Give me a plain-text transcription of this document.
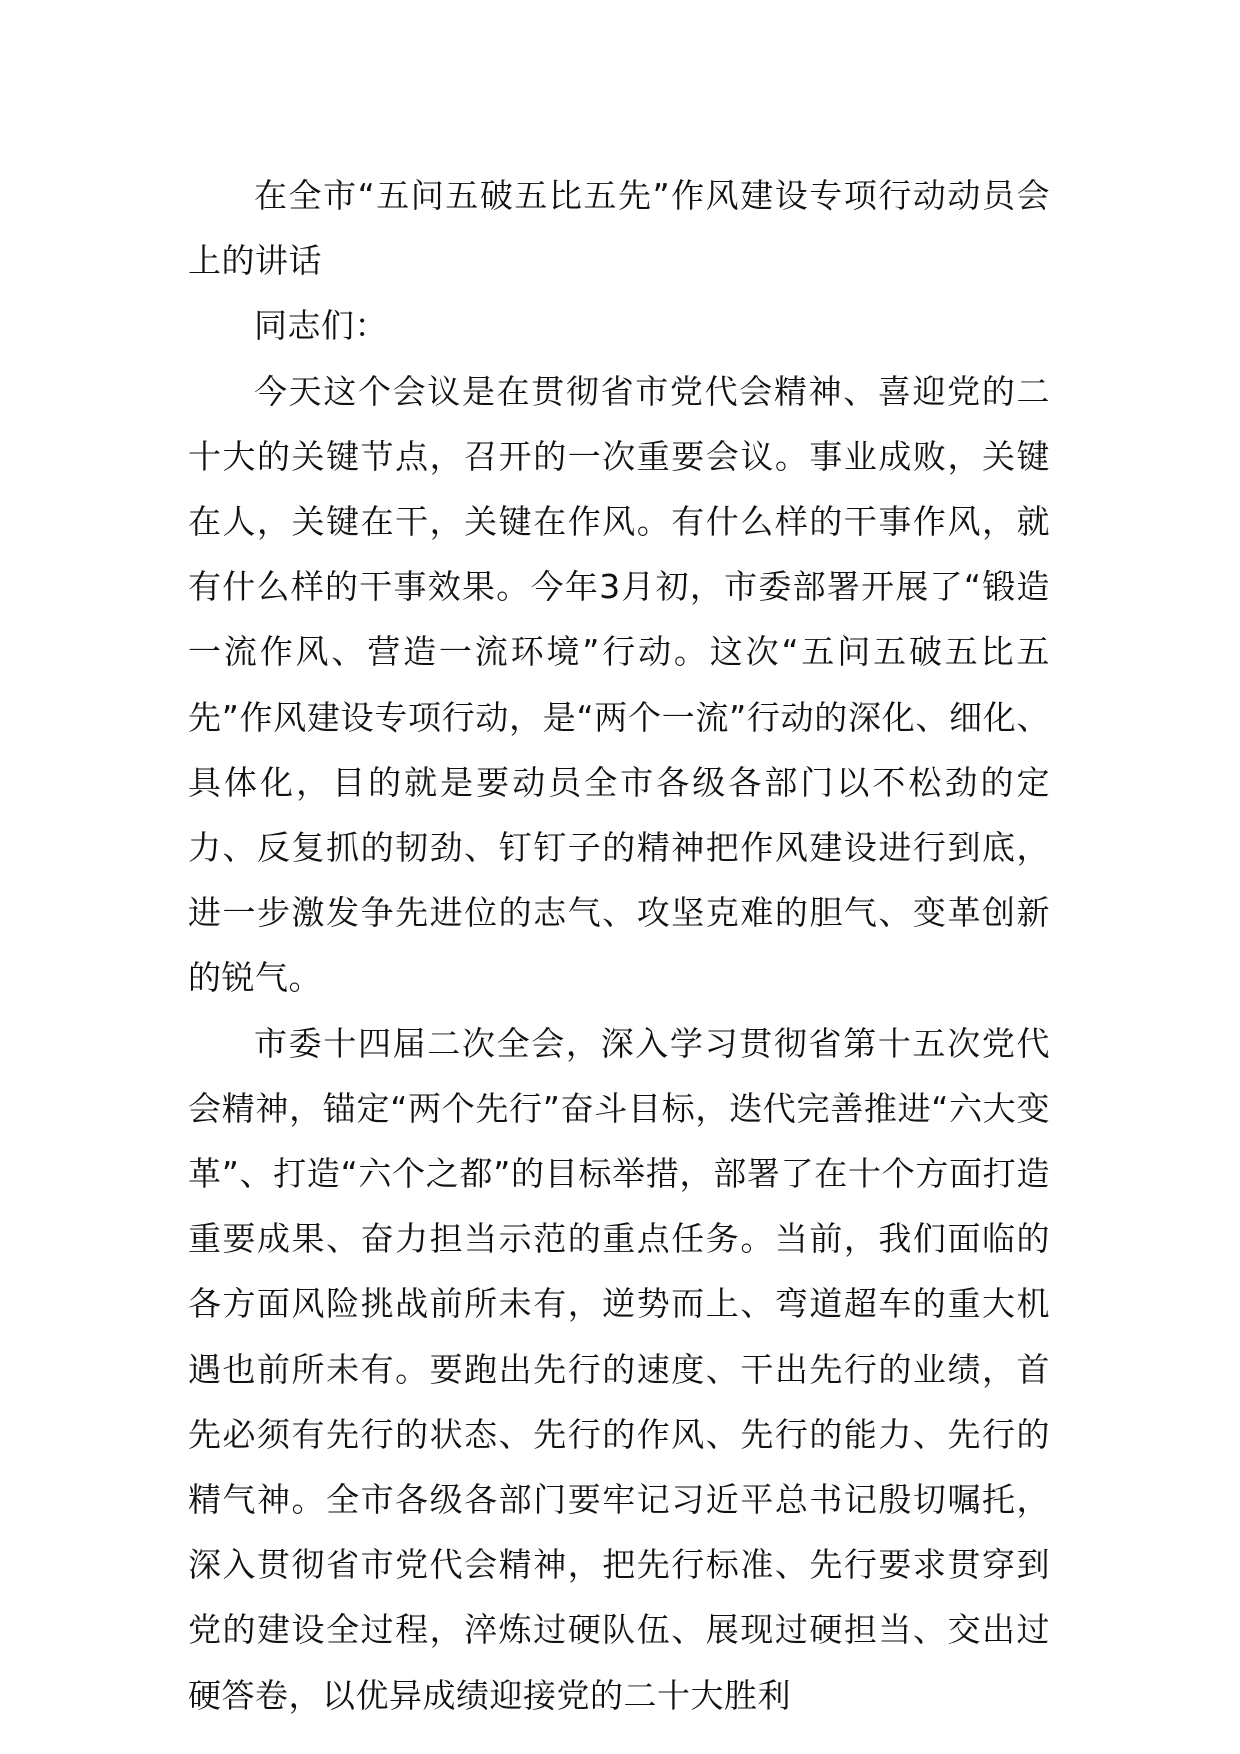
在全市“五问五破五比五先”作风建设专项行动动员会上的讲话

同志们：

今天这个会议是在贯彻省市党代会精神、喜迎党的二十大的关键节点，召开的一次重要会议。事业成败，关键在人，关键在干，关键在作风。有什么样的干事作风，就有什么样的干事效果。今年3月初，市委部署开展了“锻造一流作风、营造一流环境”行动。这次“五问五破五比五先”作风建设专项行动，是“两个一流”行动的深化、细化、具体化，目的就是要动员全市各级各部门以不松劲的定力、反复抓的韧劲、钉钉子的精神把作风建设进行到底，进一步激发争先进位的志气、攻坚克难的胆气、变革创新的锐气。

市委十四届二次全会，深入学习贯彻省第十五次党代会精神，锚定“两个先行”奋斗目标，迭代完善推进“六大变革”、打造“六个之都”的目标举措，部署了在十个方面打造重要成果、奋力担当示范的重点任务。当前，我们面临的各方面风险挑战前所未有，逆势而上、弯道超车的重大机遇也前所未有。要跑出先行的速度、干出先行的业绩，首先必须有先行的状态、先行的作风、先行的能力、先行的精气神。全市各级各部门要牢记习近平总书记殷切嘱托，深入贯彻省市党代会精神，把先行标准、先行要求贯穿到党的建设全过程，淬炼过硬队伍、展现过硬担当、交出过硬答卷，以优异成绩迎接党的二十大胜利
